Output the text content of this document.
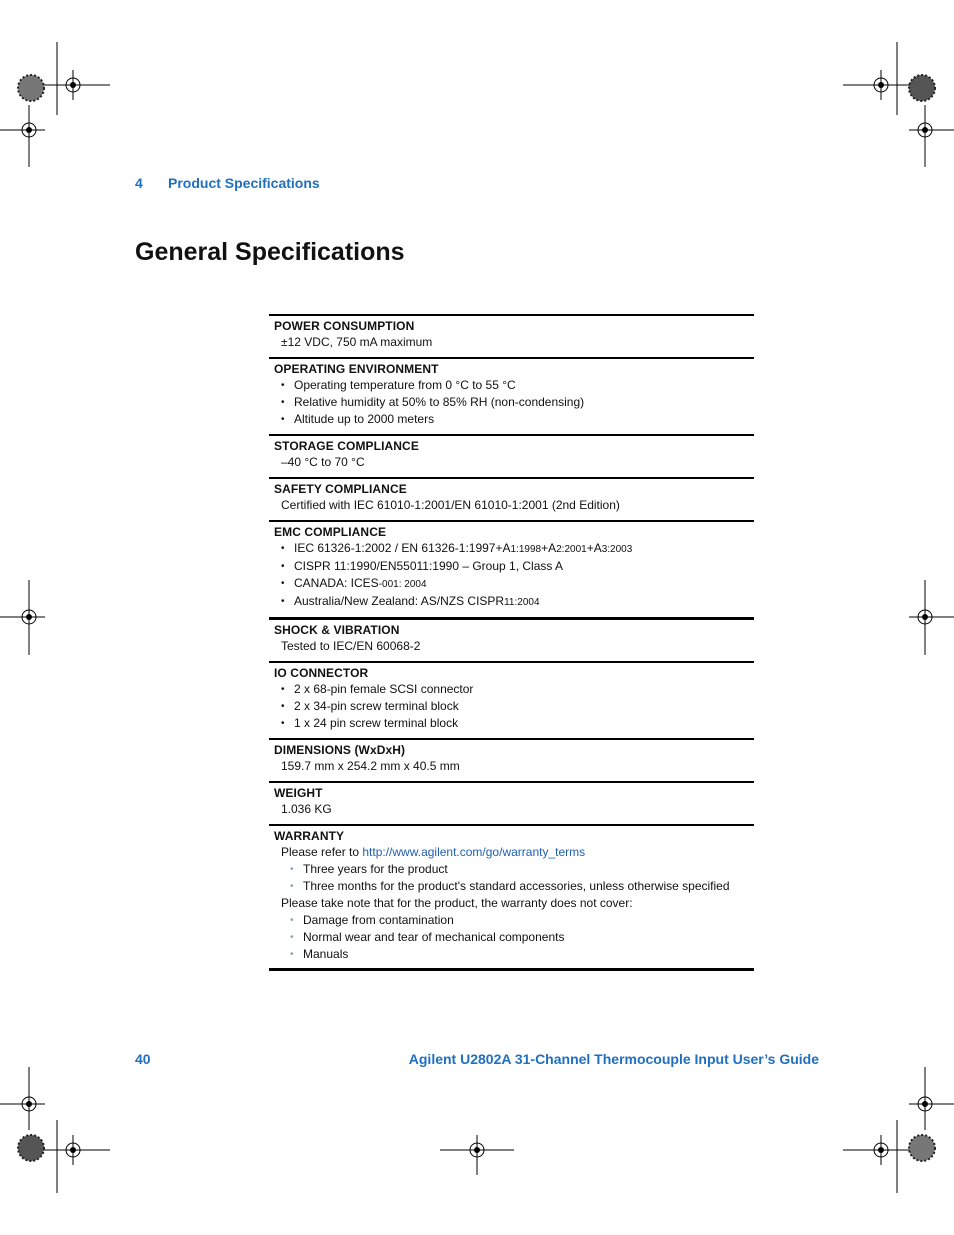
4 Product Specifications
General Specifications
POWER CONSUMPTION
±12 VDC, 750 mA maximum
OPERATING ENVIRONMENT
• Operating temperature from 0 °C to 55 °C
• Relative humidity at 50% to 85% RH (non-condensing)
• Altitude up to 2000 meters
STORAGE COMPLIANCE
–40 °C to 70 °C
SAFETY COMPLIANCE
Certified with IEC 61010-1:2001/EN 61010-1:2001 (2nd Edition)
EMC COMPLIANCE
• IEC 61326-1:2002 / EN 61326-1:1997+A1:1998+A2:2001+A3:2003
• CISPR 11:1990/EN55011:1990 – Group 1, Class A
• CANADA: ICES-001: 2004
• Australia/New Zealand: AS/NZS CISPR11:2004
SHOCK & VIBRATION
Tested to IEC/EN 60068-2
IO CONNECTOR
• 2 x 68-pin female SCSI connector
• 2 x 34-pin screw terminal block
• 1 x 24 pin screw terminal block
DIMENSIONS (WxDxH)
159.7 mm x 254.2 mm x 40.5 mm
WEIGHT
1.036 KG
WARRANTY
Please refer to http://www.agilent.com/go/warranty_terms
• Three years for the product
• Three months for the product's standard accessories, unless otherwise specified
Please take note that for the product, the warranty does not cover:
• Damage from contamination
• Normal wear and tear of mechanical components
• Manuals
40	Agilent U2802A 31-Channel Thermocouple Input User’s Guide
